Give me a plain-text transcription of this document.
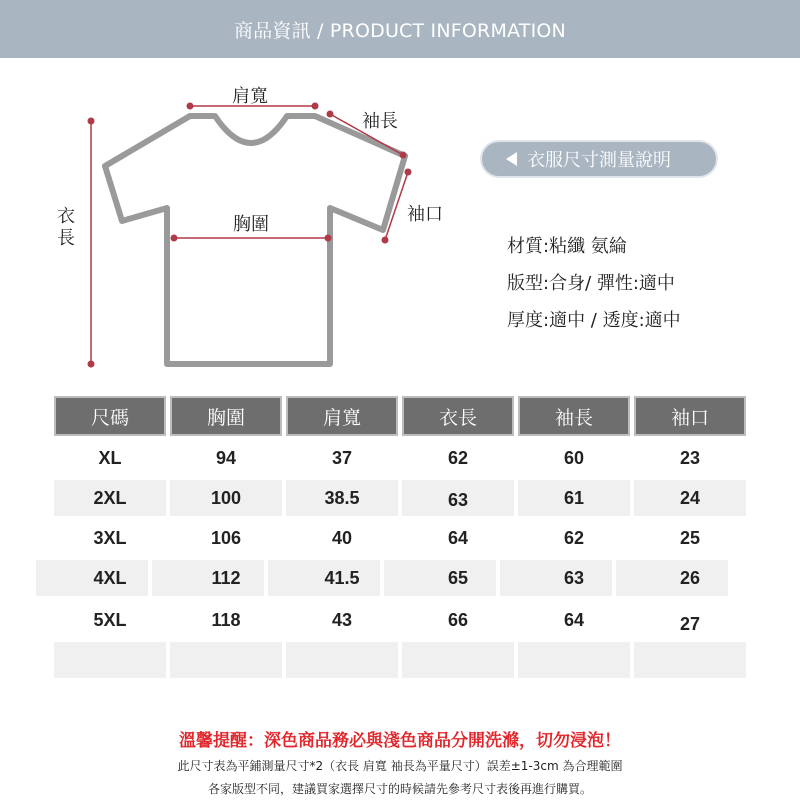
商品資訊 / PRODUCT INFORMATION
肩寬
袖長
袖口
胸圍
衣長
衣服尺寸測量說明
材質:粘纖 氨綸
版型:合身/ 彈性:適中
厚度:適中 / 透度:適中
尺碼	胸圍	肩寬	衣長	袖長	袖口
XL	94	37	62	60	23
2XL	100	38.5	63	61	24
3XL	106	40	64	62	25
4XL	112	41.5	65	63	26
5XL	118	43	66	64	27
溫馨提醒：深色商品務必與淺色商品分開洗滌，切勿浸泡！
此尺寸表為平鋪測量尺寸*2（衣長 肩寬 袖長為平量尺寸）誤差±1-3cm 為合理範圍
各家版型不同，建議買家選擇尺寸的時候請先參考尺寸表後再進行購買。
